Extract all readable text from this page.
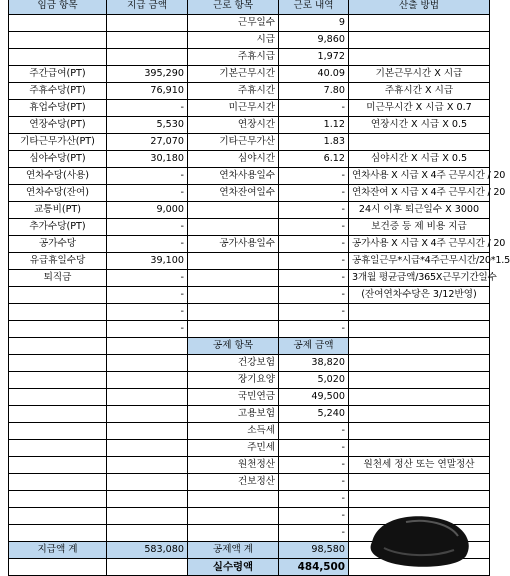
임금 항목	지급 금액	근로 항목	근로 내역	산출 방법
		근무일수	9	
		시급	9,860	
		주휴시급	1,972	
주간급여(PT)	395,290	기본근무시간	40.09	기본근무시간 X 시급
주휴수당(PT)	76,910	주휴시간	7.80	주휴시간 X 시급
휴업수당(PT)	-	미근무시간	-	미근무시간 X 시급 X 0.7
연장수당(PT)	5,530	연장시간	1.12	연장시간 X 시급 X 0.5
기타근무가산(PT)	27,070	기타근무가산	1.83	
심야수당(PT)	30,180	심야시간	6.12	심야시간 X 시급 X 0.5
연차수당(사용)	-	연차사용일수	-	연차사용 X 시급 X 4주 근무시간 / 20
연차수당(잔여)	-	연차잔여일수	-	연차잔여 X 시급 X 4주 근무시간 / 20
교통비(PT)	9,000		-	24시 이후 퇴근일수 X 3000
추가수당(PT)	-		-	보건증 등 제 비용 지급
공가수당	-	공가사용일수	-	공가사용 X 시급 X 4주 근무시간 / 20
유급휴일수당	39,100		-	공휴일근무*시급*4주근무시간/20*1.5
퇴직금	-		-	3개월 평균금액/365X근무기간일수
	-		-	(잔여연차수당은 3/12반영)
	-		-	
	-		-	
		공제 항목	공제 금액	
		건강보험	38,820	
		장기요양	5,020	
		국민연금	49,500	
		고용보험	5,240	
		소득세	-	
		주민세	-	
		원천정산	-	원천세 정산 또는 연말정산
		건보정산	-	
			-	
			-	
			-	
지급액 계	583,080	공제액 계	98,580	
		실수령액	484,500	
